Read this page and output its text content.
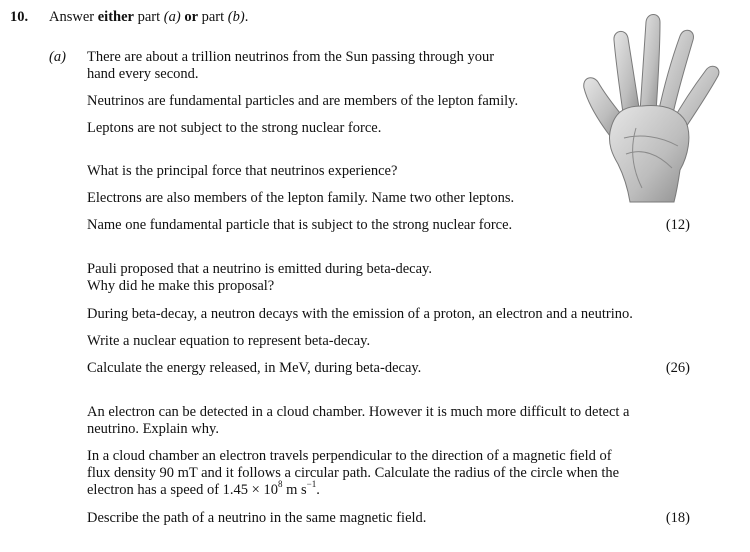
10. Answer either part (a) or part (b).
(a) There are about a trillion neutrinos from the Sun passing through your
hand every second.
Neutrinos are fundamental particles and are members of the lepton family.
Leptons are not subject to the strong nuclear force.
What is the principal force that neutrinos experience?
Electrons are also members of the lepton family. Name two other leptons.
Name one fundamental particle that is subject to the strong nuclear force.	(12)
Pauli proposed that a neutrino is emitted during beta-decay.
Why did he make this proposal?
During beta-decay, a neutron decays with the emission of a proton, an electron and a neutrino.
Write a nuclear equation to represent beta-decay.
Calculate the energy released, in MeV, during beta-decay.	(26)
An electron can be detected in a cloud chamber. However it is much more difficult to detect a
neutrino. Explain why.
In a cloud chamber an electron travels perpendicular to the direction of a magnetic field of
flux density 90 mT and it follows a circular path. Calculate the radius of the circle when the
electron has a speed of $1.45 \times 10^8$ m $s^{-1}$.
Describe the path of a neutrino in the same magnetic field.	(18)
